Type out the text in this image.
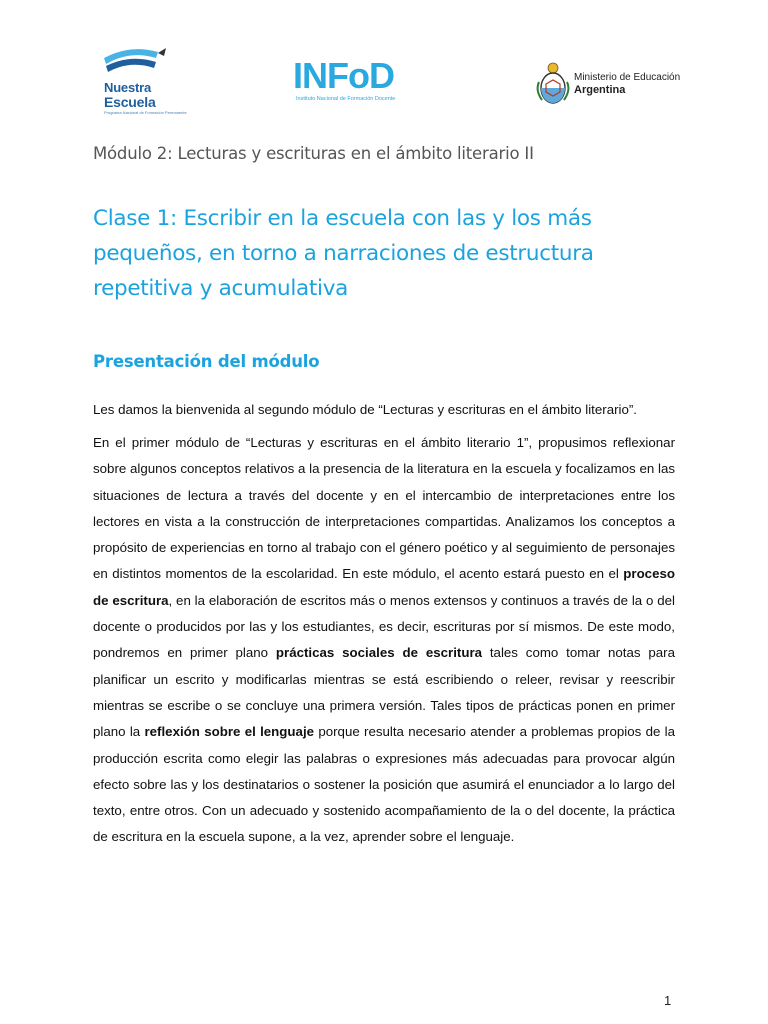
Nuestra
Escuela
Programa Nacional de Formación Permanente
INFoD
Instituto Nacional de Formación Docente
Ministerio de Educación
Argentina
Módulo 2: Lecturas y escrituras en el ámbito literario II
Clase 1: Escribir en la escuela con las y los más pequeños, en torno a narraciones de estructura repetitiva y acumulativa
Presentación del módulo
Les damos la bienvenida al segundo módulo de “Lecturas y escrituras en el ámbito literario”.

En el primer módulo de “Lecturas y escrituras en el ámbito literario 1”, propusimos reflexionar sobre algunos conceptos relativos a la presencia de la literatura en la escuela y focalizamos en las situaciones de lectura a través del docente y en el intercambio de interpretaciones entre los lectores en vista a la construcción de interpretaciones compartidas. Analizamos los conceptos a propósito de experiencias en torno al trabajo con el género poético y al seguimiento de personajes en distintos momentos de la escolaridad. En este módulo, el acento estará puesto en el proceso de escritura, en la elaboración de escritos más o menos extensos y continuos a través de la o del docente o producidos por las y los estudiantes, es decir, escrituras por sí mismos. De este modo, pondremos en primer plano prácticas sociales de escritura tales como tomar notas para planificar un escrito y modificarlas mientras se está escribiendo o releer, revisar y reescribir mientras se escribe o se concluye una primera versión. Tales tipos de prácticas ponen en primer plano la reflexión sobre el lenguaje porque resulta necesario atender a problemas propios de la producción escrita como elegir las palabras o expresiones más adecuadas para provocar algún efecto sobre las y los destinatarios o sostener la posición que asumirá el enunciador a lo largo del texto, entre otros. Con un adecuado y sostenido acompañamiento de la o del docente, la práctica de escritura en la escuela supone, a la vez, aprender sobre el lenguaje.

1
